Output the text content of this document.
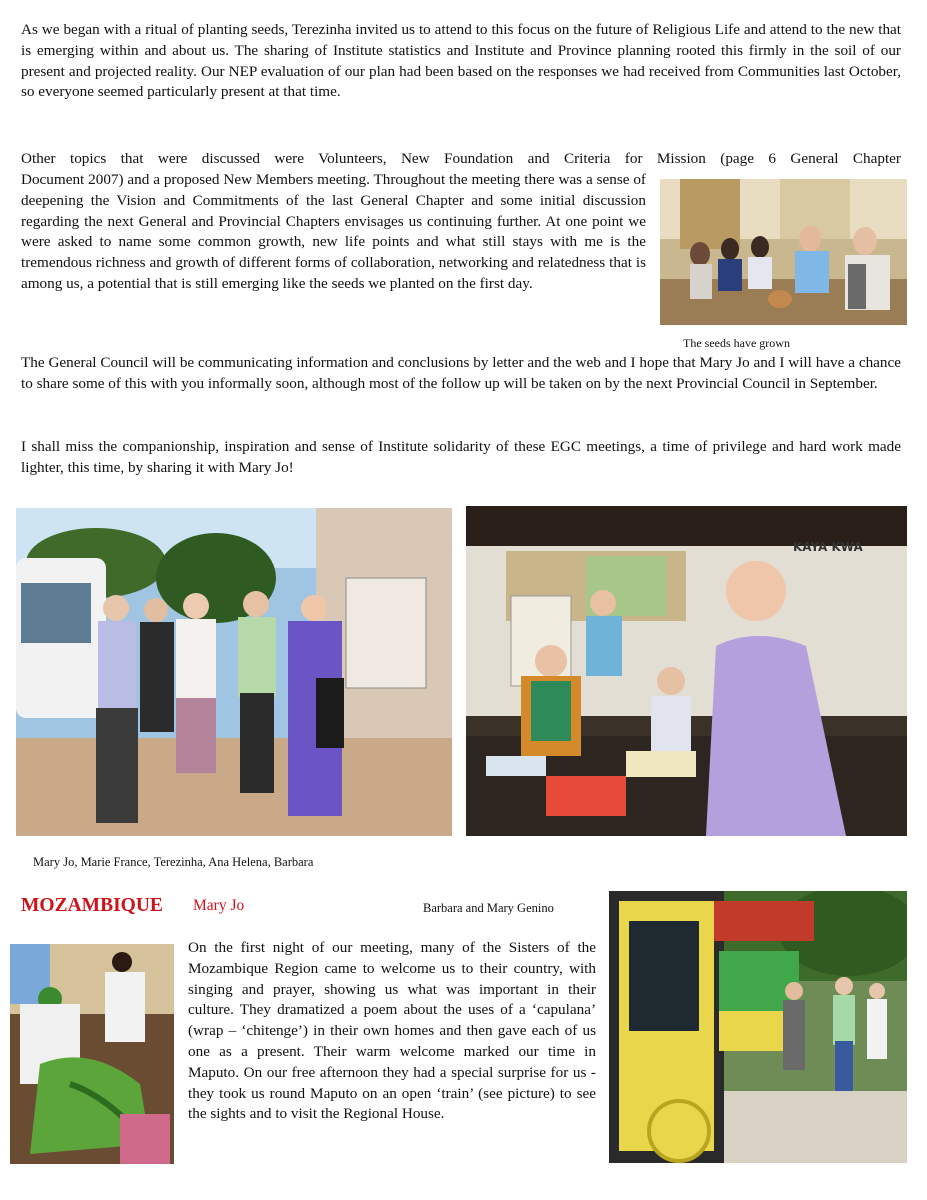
As we began with a ritual of planting seeds, Terezinha invited us to attend to this focus on the future of Religious Life and attend to the new that is emerging within and about us. The sharing of Institute statistics and Institute and Province planning rooted this firmly in the soil of our present and projected reality. Our NEP evaluation of our plan had been based on the responses we had received from Communities last October, so everyone seemed particularly present at that time.

Other topics that were discussed were Volunteers, New Foundation and Criteria for Mission (page 6 General Chapter

Document 2007) and a proposed New Members meeting. Throughout the meeting there was a sense of deepening the Vision and Commitments of the last General Chapter and some initial discussion regarding the next General and Provincial Chapters envisages us continuing further. At one point we were asked to name some common growth, new life points and what still stays with me is the tremendous richness and growth of different forms of collaboration, networking and relatedness that is among us, a potential that is still emerging like the seeds we planted on the first day.

The seeds have grown

The General Council will be communicating information and conclusions by letter and the web and I hope that Mary Jo and I will have a chance to share some of this with you informally soon, although most of the follow up will be taken on by the next Provincial Council in September.

I shall miss the companionship, inspiration and sense of Institute solidarity of these EGC meetings, a time of privilege and hard work made lighter, this time, by sharing it with Mary Jo!

KAYA KWA
Mary Jo, Marie France, Terezinha, Ana Helena, Barbara
MOZAMBIQUE Mary Jo	Barbara and Mary Genino

On the first night of our meeting, many of the Sisters of the Mozambique Region came to welcome us to their country, with singing and prayer, showing us what was important in their culture. They dramatized a poem about the uses of a ‘capulana’ (wrap – ‘chitenge’) in their own homes and then gave each of us one as a present. Their warm welcome marked our time in Maputo. On our free afternoon they had a special surprise for us - they took us round Maputo on an open ‘train’ (see picture) to see the sights and to visit the Regional House.
